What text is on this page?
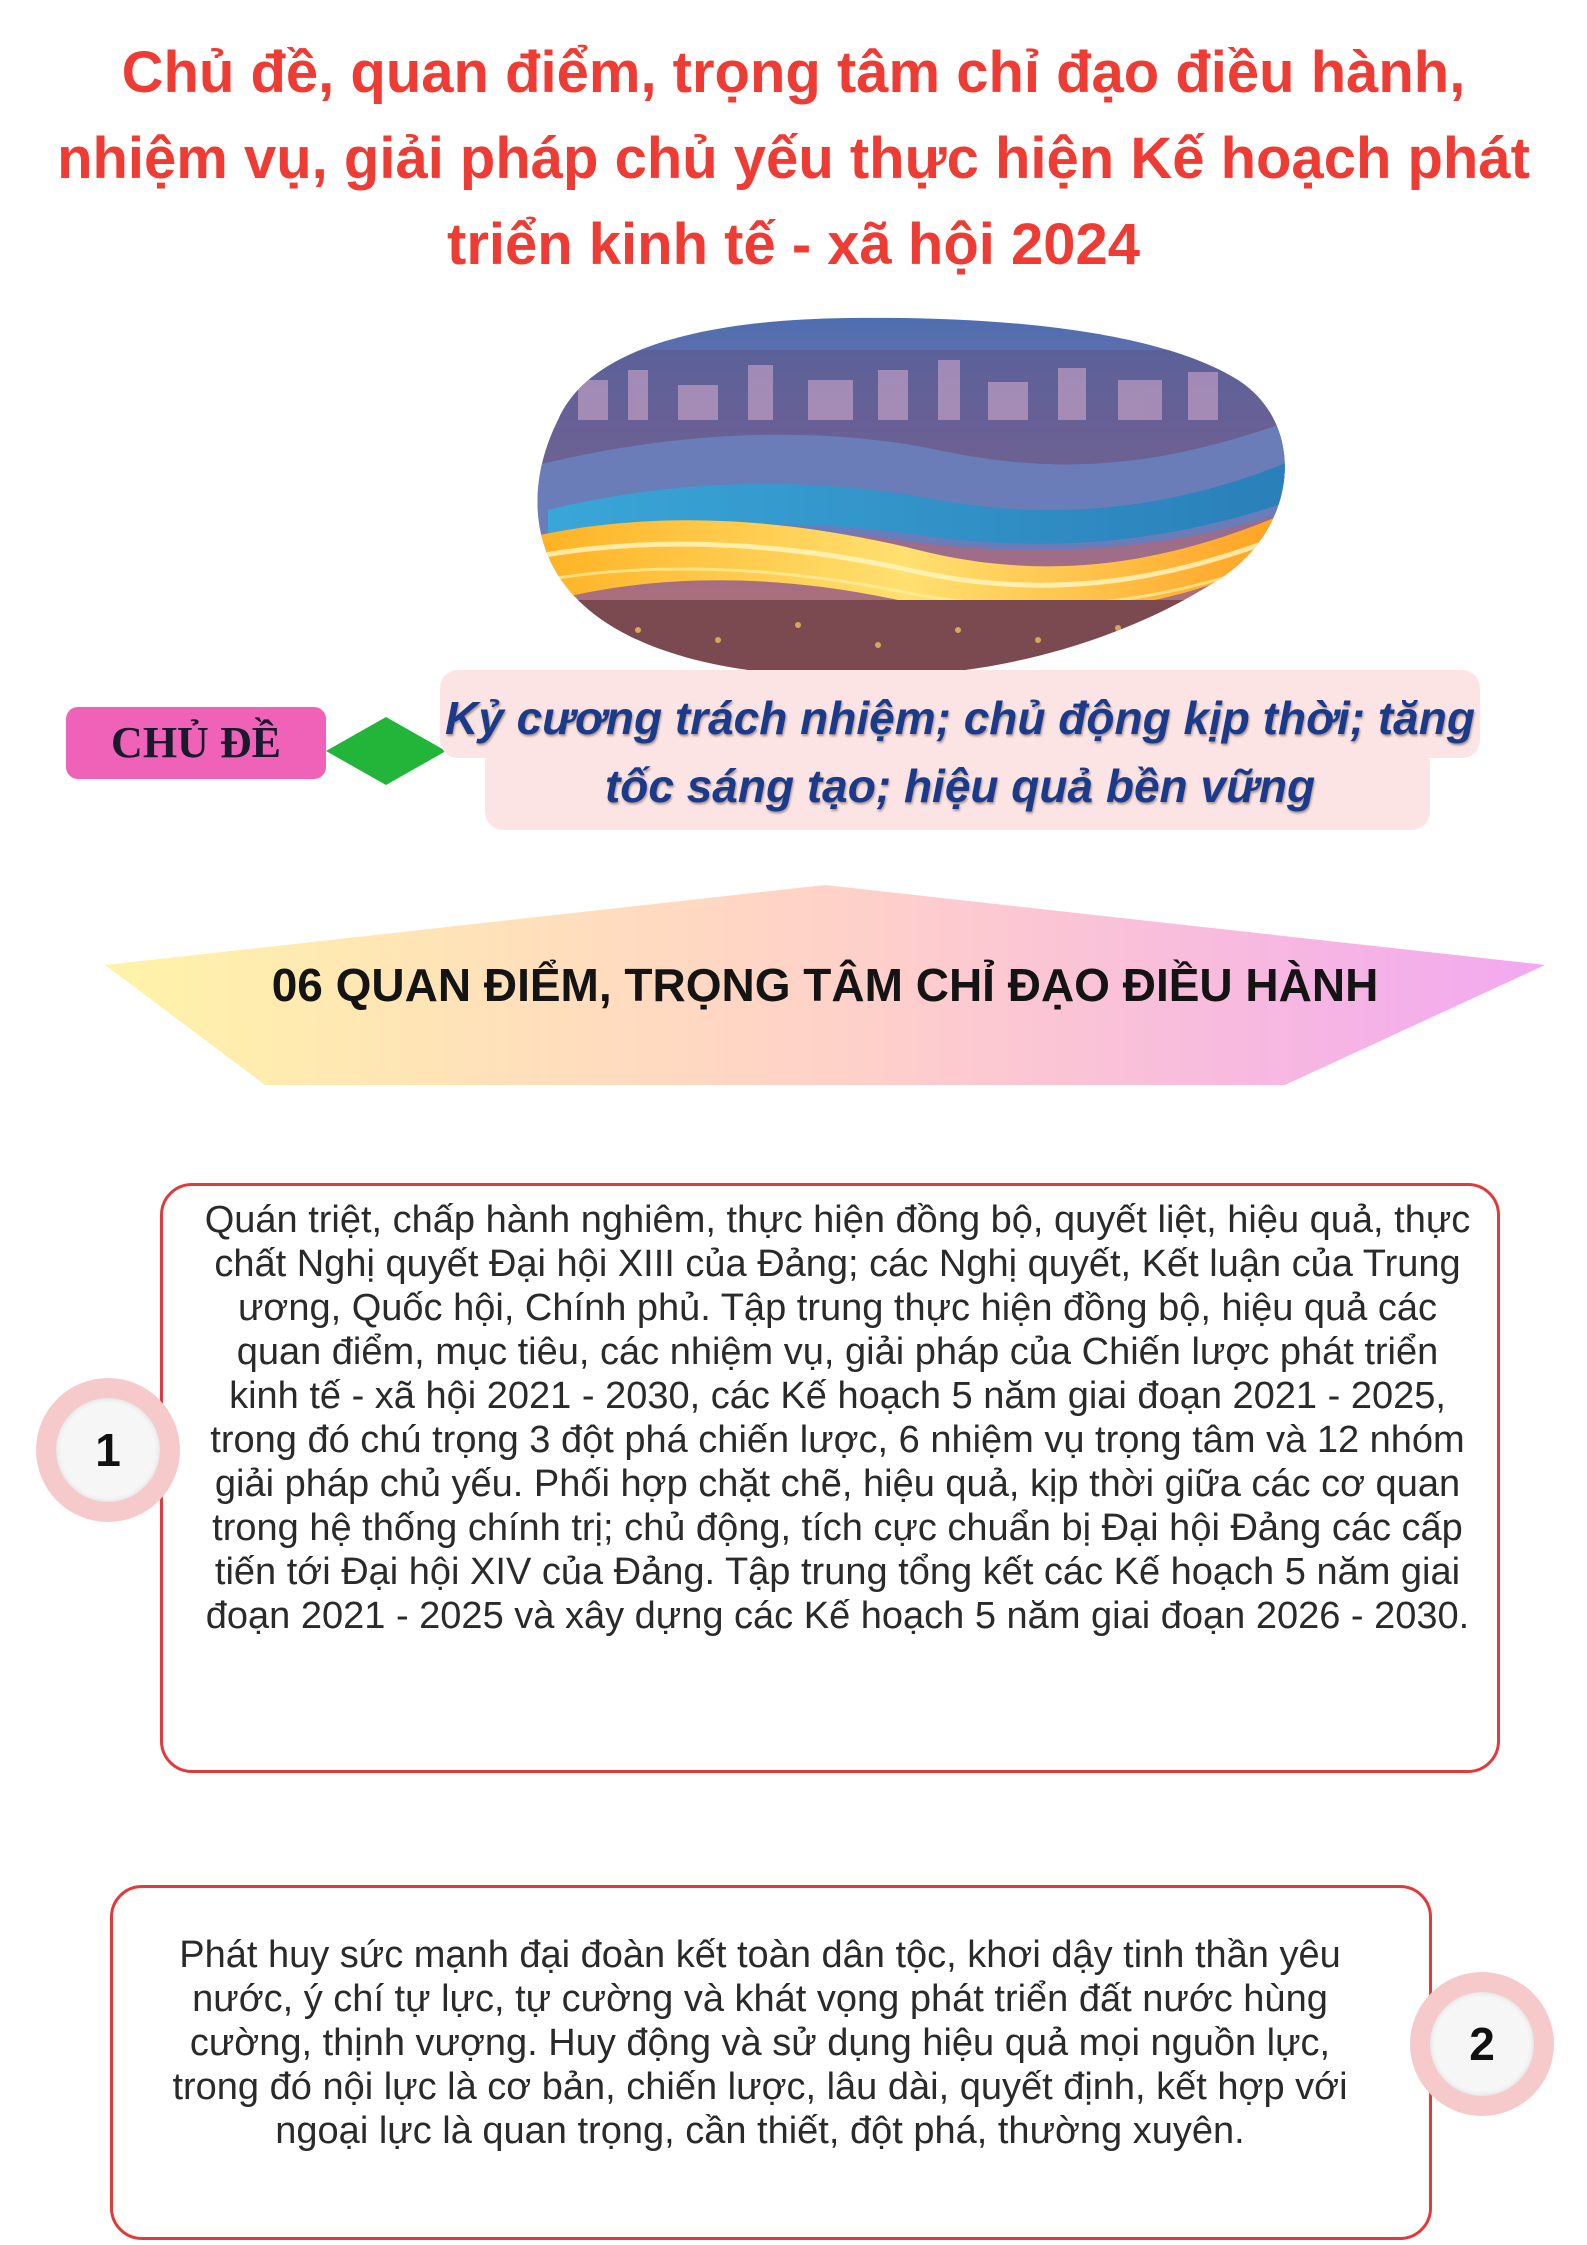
Chủ đề, quan điểm, trọng tâm chỉ đạo điều hành, nhiệm vụ, giải pháp chủ yếu thực hiện Kế hoạch phát triển kinh tế - xã hội 2024
CHỦ ĐỀ	Kỷ cương trách nhiệm; chủ động kịp thời; tăng tốc sáng tạo; hiệu quả bền vững
06 QUAN ĐIỂM, TRỌNG TÂM CHỈ ĐẠO ĐIỀU HÀNH
Quán triệt, chấp hành nghiêm, thực hiện đồng bộ, quyết liệt, hiệu quả, thực chất Nghị quyết Đại hội XIII của Đảng; các Nghị quyết, Kết luận của Trung ương, Quốc hội, Chính phủ. Tập trung thực hiện đồng bộ, hiệu quả các quan điểm, mục tiêu, các nhiệm vụ, giải pháp của Chiến lược phát triển kinh tế - xã hội 2021 - 2030, các Kế hoạch 5 năm giai đoạn 2021 - 2025, trong đó chú trọng 3 đột phá chiến lược, 6 nhiệm vụ trọng tâm và 12 nhóm giải pháp chủ yếu. Phối hợp chặt chẽ, hiệu quả, kịp thời giữa các cơ quan trong hệ thống chính trị; chủ động, tích cực chuẩn bị Đại hội Đảng các cấp tiến tới Đại hội XIV của Đảng. Tập trung tổng kết các Kế hoạch 5 năm giai đoạn 2021 - 2025 và xây dựng các Kế hoạch 5 năm giai đoạn 2026 - 2030.
1
Phát huy sức mạnh đại đoàn kết toàn dân tộc, khơi dậy tinh thần yêu nước, ý chí tự lực, tự cường và khát vọng phát triển đất nước hùng cường, thịnh vượng. Huy động và sử dụng hiệu quả mọi nguồn lực, trong đó nội lực là cơ bản, chiến lược, lâu dài, quyết định, kết hợp với ngoại lực là quan trọng, cần thiết, đột phá, thường xuyên.
2
